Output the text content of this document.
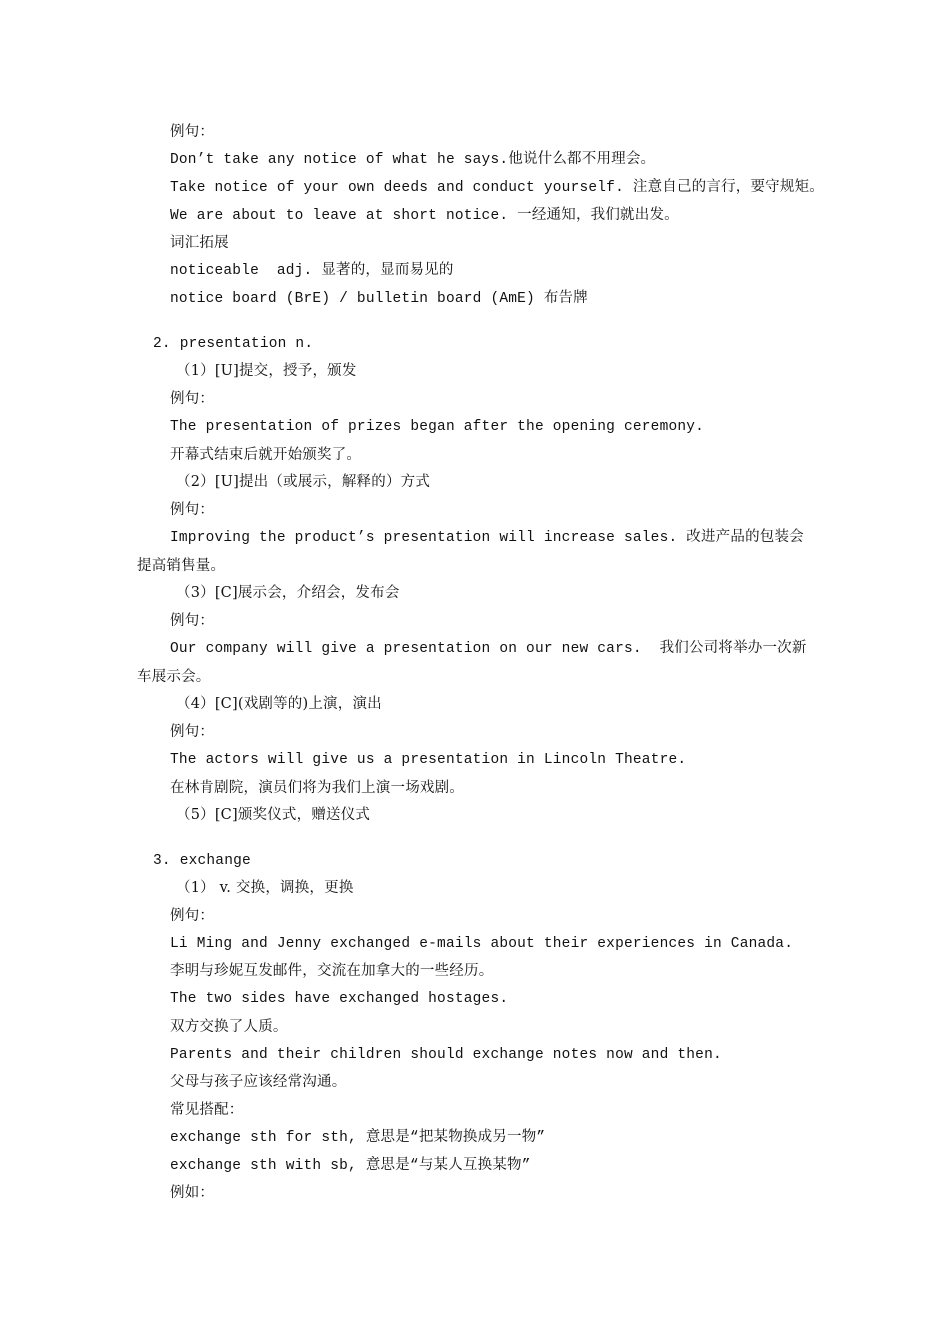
例句：
Don’t take any notice of what he says.他说什么都不用理会。
Take notice of your own deeds and conduct yourself. 注意自己的言行，要守规矩。
We are about to leave at short notice. 一经通知，我们就出发。
词汇拓展
noticeable  adj. 显著的，显而易见的
notice board (BrE) / bulletin board (AmE) 布告牌
2. presentation n.
（1）[U]提交，授予，颁发
例句：
The presentation of prizes began after the opening ceremony.
开幕式结束后就开始颁奖了。
（2）[U]提出（或展示，解释的）方式
例句：
Improving the product’s presentation will increase sales. 改进产品的包装会
提高销售量。
（3）[C]展示会，介绍会，发布会
例句：
Our company will give a presentation on our new cars.  我们公司将举办一次新
车展示会。
（4）[C](戏剧等的)上演，演出
例句：
The actors will give us a presentation in Lincoln Theatre.
在林肯剧院，演员们将为我们上演一场戏剧。
（5）[C]颁奖仪式，赠送仪式
3. exchange
（1） v. 交换，调换，更换
例句：
Li Ming and Jenny exchanged e-mails about their experiences in Canada.
李明与珍妮互发邮件，交流在加拿大的一些经历。
The two sides have exchanged hostages.
双方交换了人质。
Parents and their children should exchange notes now and then.
父母与孩子应该经常沟通。
常见搭配：
exchange sth for sth, 意思是“把某物换成另一物”
exchange sth with sb, 意思是“与某人互换某物”
例如：
